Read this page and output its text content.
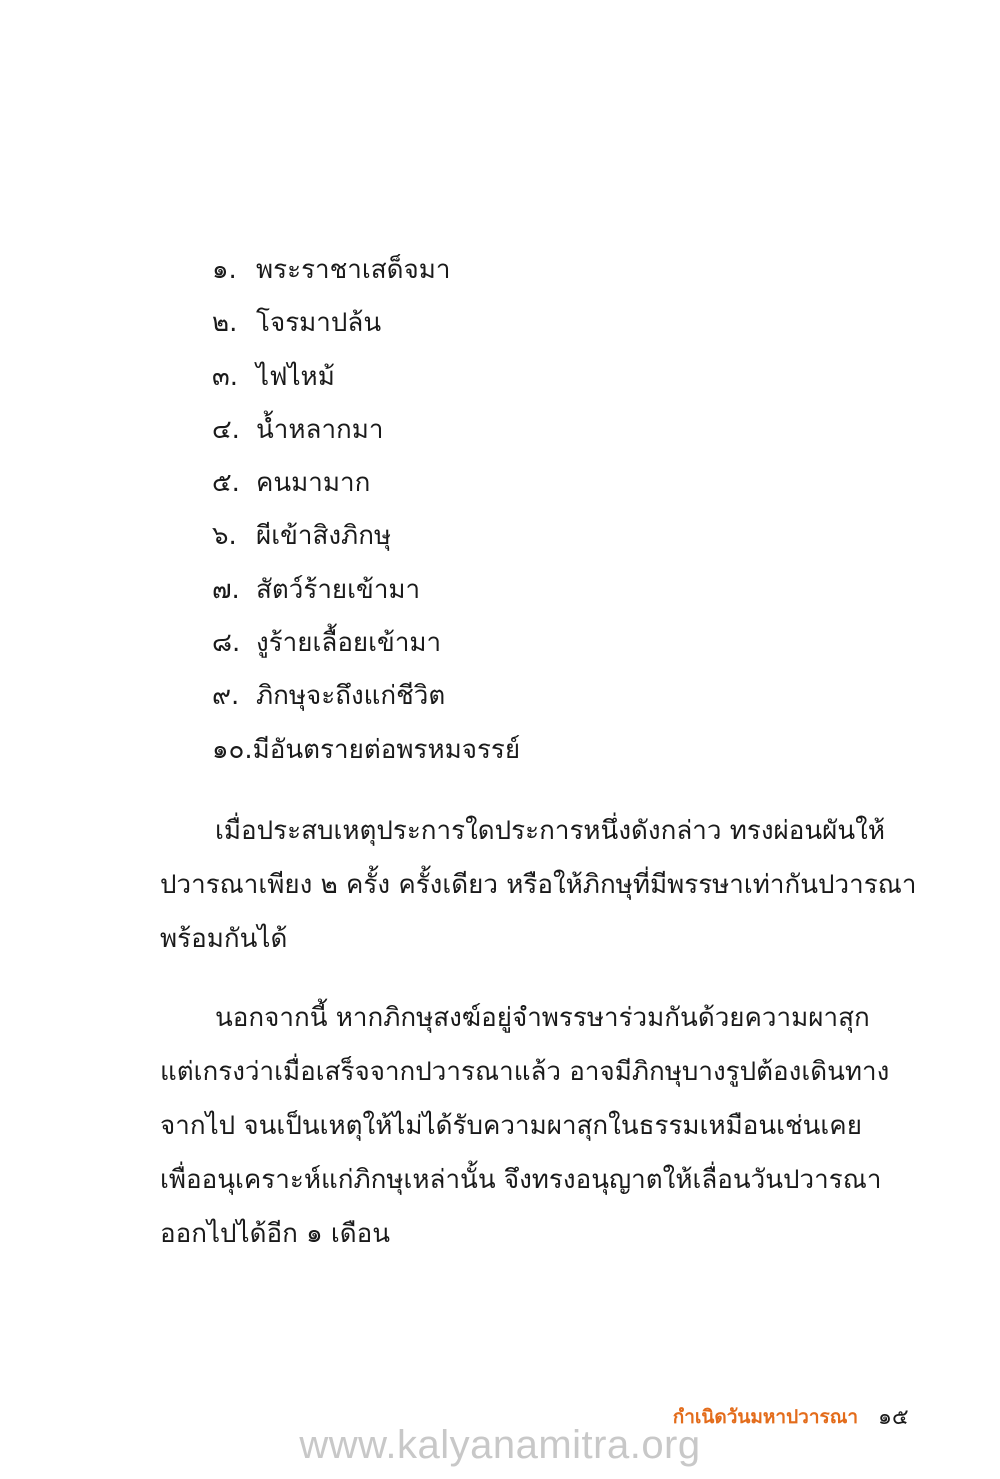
๑. พระราชาเสด็จมา
๒. โจรมาปล้น
๓. ไฟไหม้
๔. น้ำหลากมา
๕. คนมามาก
๖. ผีเข้าสิงภิกษุ
๗. สัตว์ร้ายเข้ามา
๘. งูร้ายเลื้อยเข้ามา
๙. ภิกษุจะถึงแก่ชีวิต
๑๐.มีอันตรายต่อพรหมจรรย์
เมื่อประสบเหตุประการใดประการหนึ่งดังกล่าว ทรงผ่อนผันให้
ปวารณาเพียง ๒ ครั้ง ครั้งเดียว หรือให้ภิกษุที่มีพรรษาเท่ากันปวารณา
พร้อมกันได้
นอกจากนี้ หากภิกษุสงฆ์อยู่จำพรรษาร่วมกันด้วยความผาสุก
แต่เกรงว่าเมื่อเสร็จจากปวารณาแล้ว อาจมีภิกษุบางรูปต้องเดินทาง
จากไป จนเป็นเหตุให้ไม่ได้รับความผาสุกในธรรมเหมือนเช่นเคย
เพื่ออนุเคราะห์แก่ภิกษุเหล่านั้น จึงทรงอนุญาตให้เลื่อนวันปวารณา
ออกไปได้อีก ๑ เดือน
กำเนิดวันมหาปวารณา ๑๕
www.kalyanamitra.org
